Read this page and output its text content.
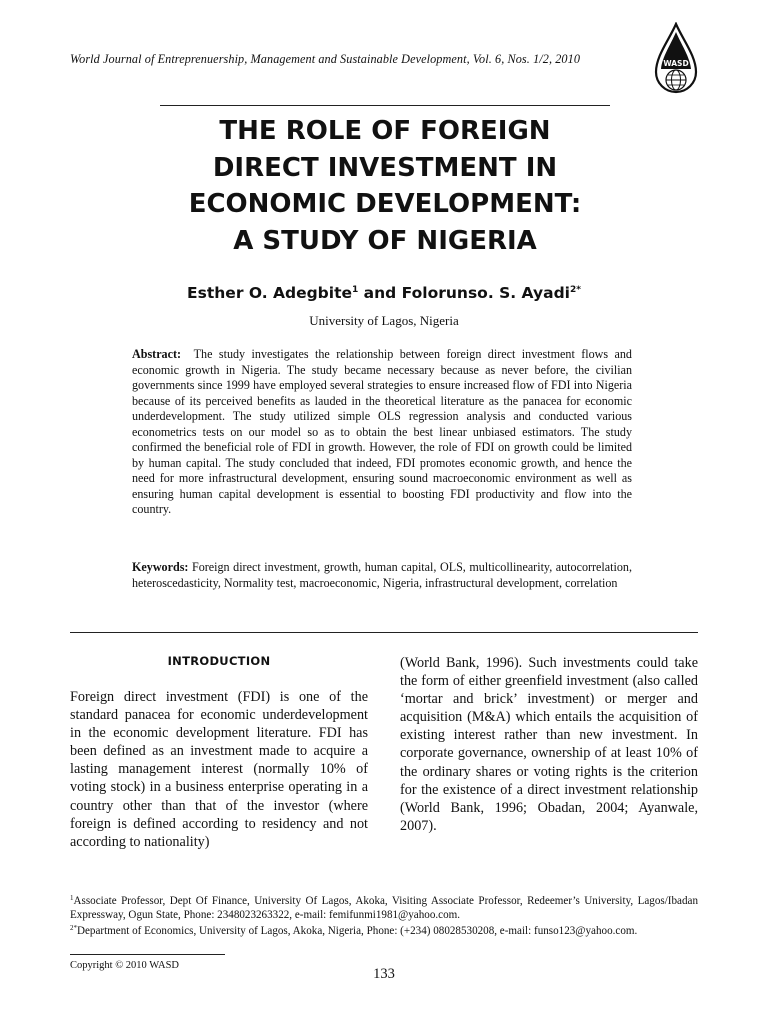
World Journal of Entreprenuership, Management and Sustainable Development, Vol. 6, Nos. 1/2, 2010	WASD
THE ROLE OF FOREIGN
DIRECT INVESTMENT IN
ECONOMIC DEVELOPMENT:
A STUDY OF NIGERIA
Esther O. Adegbite$^1$ and Folorunso. S. Ayadi$^{2*}$
University of Lagos, Nigeria
Abstract: The study investigates the relationship between foreign direct investment flows and economic growth in Nigeria. The study became necessary because as never before, the civilian governments since 1999 have employed several strategies to ensure increased flow of FDI into Nigeria because of its perceived benefits as lauded in the theoretical literature as the panacea for economic underdevelopment. The study utilized simple OLS regression analysis and conducted various econometrics tests on our model so as to obtain the best linear unbiased estimators. The study confirmed the beneficial role of FDI in growth. However, the role of FDI on growth could be limited by human capital. The study concluded that indeed, FDI promotes economic growth, and hence the need for more infrastructural development, ensuring sound macroeconomic environment as well as ensuring human capital development is essential to boosting FDI productivity and flow into the country.
Keywords: Foreign direct investment, growth, human capital, OLS, multicollinearity, autocorrelation, heteroscedasticity, Normality test, macroeconomic, Nigeria, infrastructural development, correlation
INTRODUCTION
Foreign direct investment (FDI) is one of the standard panacea for economic underdevelopment in the economic development literature. FDI has been defined as an investment made to acquire a lasting management interest (normally 10% of voting stock) in a business enterprise operating in a country other than that of the investor (where foreign is defined according to residency and not according to nationality)
(World Bank, 1996). Such investments could take the form of either greenfield investment (also called ‘mortar and brick’ investment) or merger and acquisition (M&A) which entails the acquisition of existing interest rather than new investment. In corporate governance, ownership of at least 10% of the ordinary shares or voting rights is the criterion for the existence of a direct investment relationship (World Bank, 1996; Obadan, 2004; Ayanwale, 2007).

$^1$Associate Professor, Dept Of Finance, University Of Lagos, Akoka, Visiting Associate Professor, Redeemer’s University, Lagos/Ibadan Expressway, Ogun State, Phone: 2348023263322, e-mail: femifunmi1981@yahoo.com.

$^{2*}$Department of Economics, University of Lagos, Akoka, Nigeria, Phone: (+234) 08028530208, e-mail: funso123@yahoo.com.

Copyright © 2010 WASD
133
